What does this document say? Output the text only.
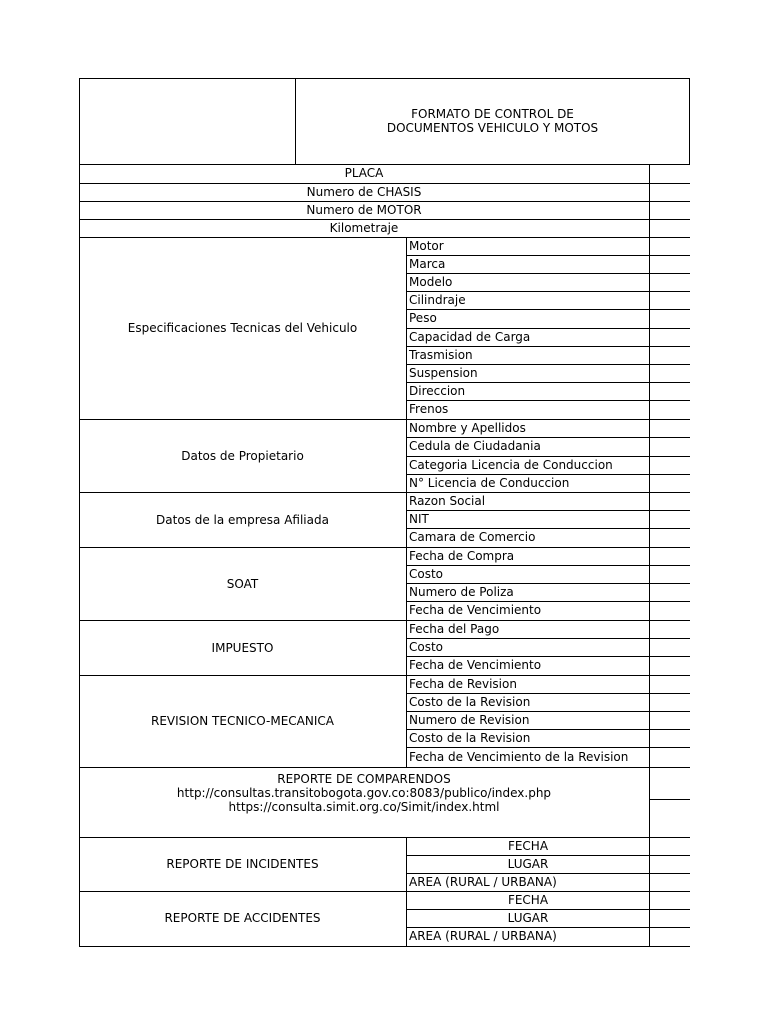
FORMATO DE CONTROL DE
DOCUMENTOS VEHICULO Y MOTOS
REPORTE DE COMPARENDOS
http://consultas.transitobogota.gov.co:8083/publico/index.php
https://consulta.simit.org.co/Simit/index.html
PLACA
Numero de CHASIS
Numero de MOTOR
Kilometraje
Especificaciones Tecnicas del Vehiculo
Motor
Marca
Modelo
Cilindraje
Peso
Capacidad de Carga
Trasmision
Suspension
Direccion
Frenos
Datos de Propietario
Nombre y Apellidos
Cedula de Ciudadania
Categoria Licencia de Conduccion
N° Licencia de Conduccion
Datos de la empresa Afiliada
Razon Social
NIT
Camara de Comercio
SOAT
Fecha de Compra
Costo
Numero de Poliza
Fecha de Vencimiento
IMPUESTO
Fecha del Pago
Costo
Fecha de Vencimiento
REVISION TECNICO-MECANICA
Fecha de Revision
Costo de la Revision
Numero de Revision
Costo de la Revision
Fecha de Vencimiento de la Revision
REPORTE DE INCIDENTES
FECHA
LUGAR
AREA (RURAL / URBANA)
REPORTE DE ACCIDENTES
FECHA
LUGAR
AREA (RURAL / URBANA)
